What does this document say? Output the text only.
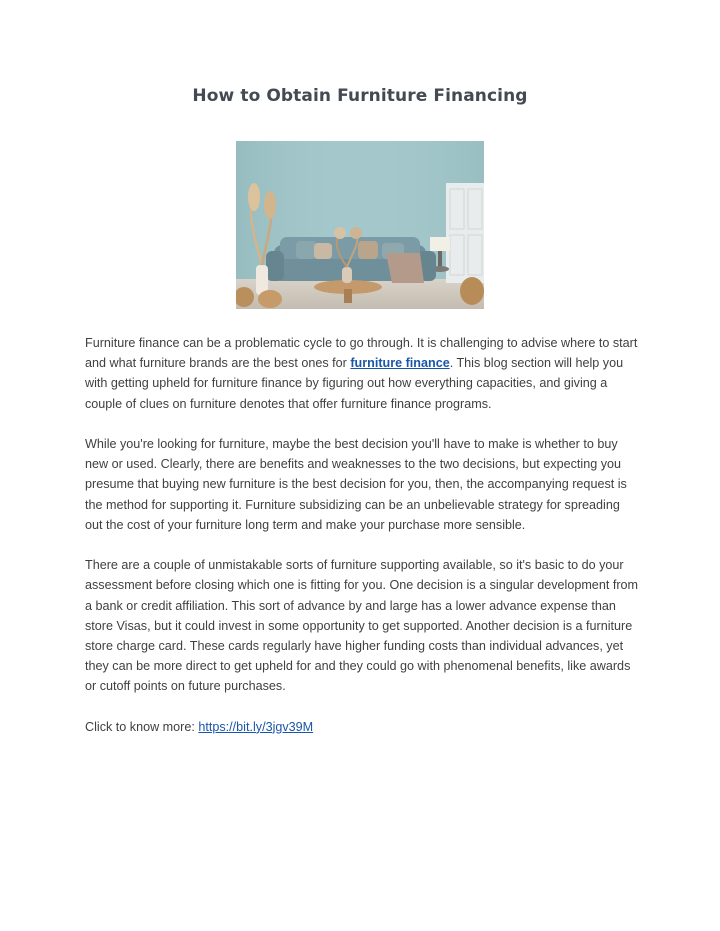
How to Obtain Furniture Financing

Furniture finance can be a problematic cycle to go through. It is challenging to advise where to start and what furniture brands are the best ones for furniture finance. This blog section will help you with getting upheld for furniture finance by figuring out how everything capacities, and giving a couple of clues on furniture denotes that offer furniture finance programs.

While you're looking for furniture, maybe the best decision you'll have to make is whether to buy new or used. Clearly, there are benefits and weaknesses to the two decisions, but expecting you presume that buying new furniture is the best decision for you, then, the accompanying request is the method for supporting it. Furniture subsidizing can be an unbelievable strategy for spreading out the cost of your furniture long term and make your purchase more sensible.

There are a couple of unmistakable sorts of furniture supporting available, so it's basic to do your assessment before closing which one is fitting for you. One decision is a singular development from a bank or credit affiliation. This sort of advance by and large has a lower advance expense than store Visas, but it could invest in some opportunity to get supported. Another decision is a furniture store charge card. These cards regularly have higher funding costs than individual advances, yet they can be more direct to get upheld for and they could go with phenomenal benefits, like awards or cutoff points on future purchases.

Click to know more: https://bit.ly/3jgv39M
